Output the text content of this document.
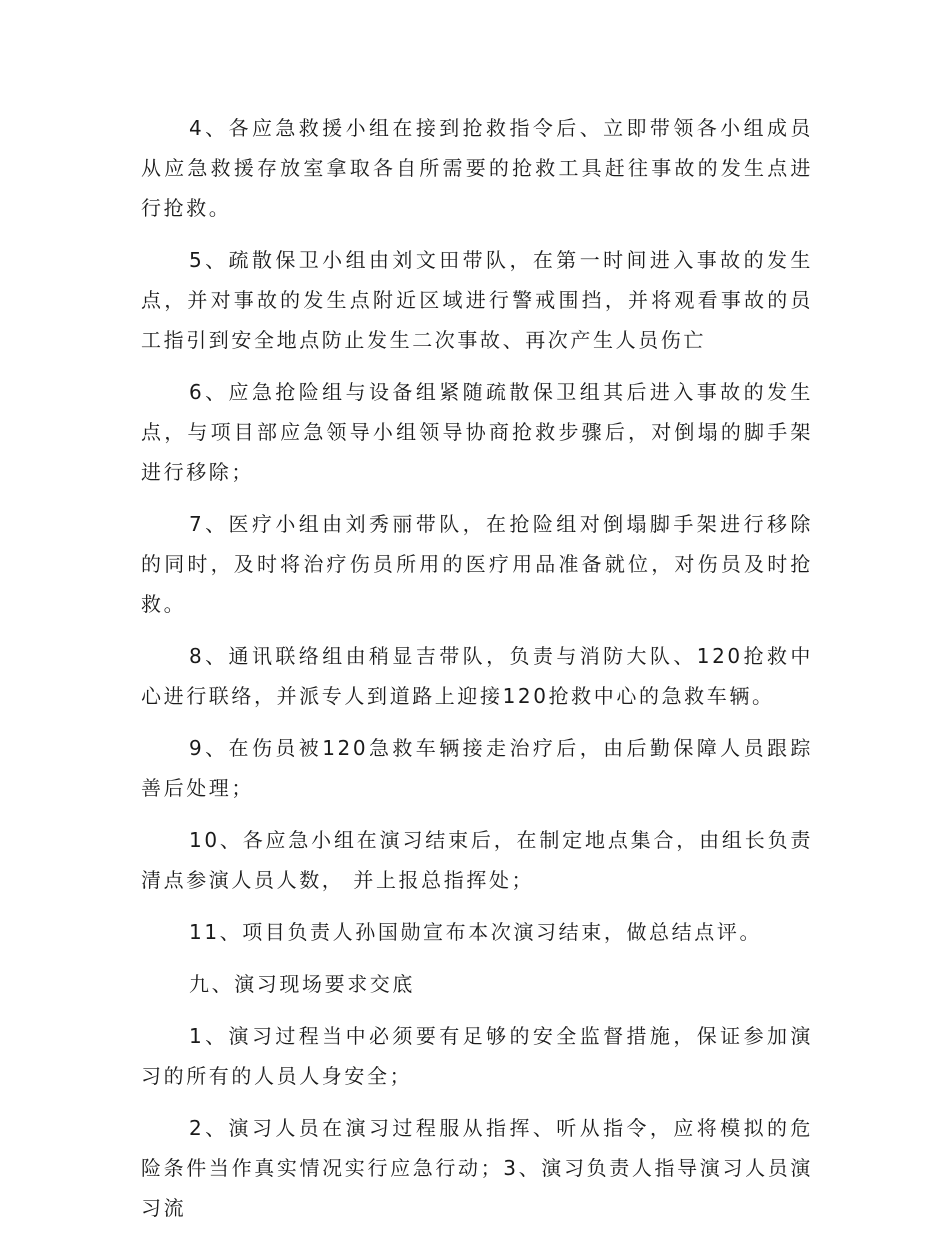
4、各应急救援小组在接到抢救指令后、立即带领各小组成员从应急救援存放室拿取各自所需要的抢救工具赶往事故的发生点进行抢救。

5、疏散保卫小组由刘文田带队，在第一时间进入事故的发生点，并对事故的发生点附近区域进行警戒围挡，并将观看事故的员工指引到安全地点防止发生二次事故、再次产生人员伤亡

6、应急抢险组与设备组紧随疏散保卫组其后进入事故的发生点，与项目部应急领导小组领导协商抢救步骤后，对倒塌的脚手架进行移除；

7、医疗小组由刘秀丽带队，在抢险组对倒塌脚手架进行移除的同时，及时将治疗伤员所用的医疗用品准备就位，对伤员及时抢救。

8、通讯联络组由稍显吉带队，负责与消防大队、120抢救中心进行联络，并派专人到道路上迎接120抢救中心的急救车辆。

9、在伤员被120急救车辆接走治疗后，由后勤保障人员跟踪善后处理；

10、各应急小组在演习结束后，在制定地点集合，由组长负责清点参演人员人数， 并上报总指挥处；

11、项目负责人孙国勋宣布本次演习结束，做总结点评。

九、演习现场要求交底

1、演习过程当中必须要有足够的安全监督措施，保证参加演习的所有的人员人身安全；

2、演习人员在演习过程服从指挥、听从指令，应将模拟的危险条件当作真实情况实行应急行动；3、演习负责人指导演习人员演习流
